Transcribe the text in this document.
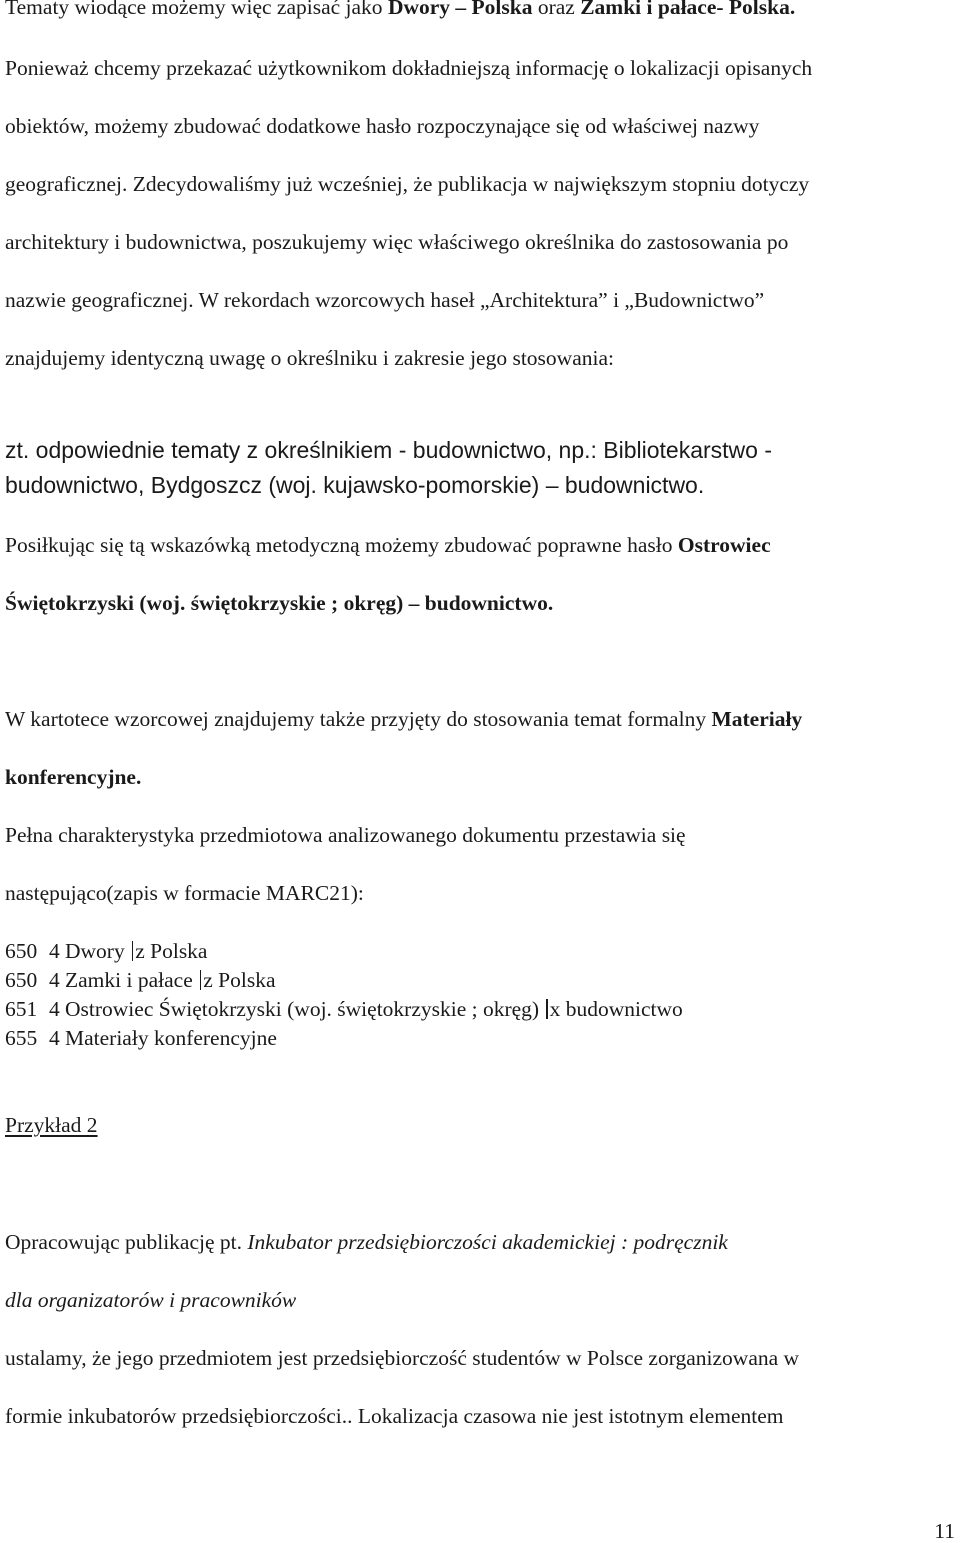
Tematy wiodące możemy więc zapisać jako Dwory – Polska oraz Zamki i pałace- Polska.
Ponieważ chcemy przekazać użytkownikom dokładniejszą informację o lokalizacji opisanych
obiektów, możemy zbudować dodatkowe hasło rozpoczynające się od właściwej nazwy
geograficznej. Zdecydowaliśmy już wcześniej, że publikacja w największym stopniu dotyczy
architektury i budownictwa, poszukujemy więc właściwego określnika do zastosowania po
nazwie geograficznej. W rekordach wzorcowych haseł „Architektura” i „Budownictwo”
znajdujemy identyczną uwagę o określniku i zakresie jego stosowania:
zt. odpowiednie tematy z określnikiem - budownictwo, np.: Bibliotekarstwo -
budownictwo, Bydgoszcz (woj. kujawsko-pomorskie) – budownictwo.
Posiłkując się tą wskazówką metodyczną możemy zbudować poprawne hasło Ostrowiec
Świętokrzyski (woj. świętokrzyskie ; okręg) – budownictwo.
W kartotece wzorcowej znajdujemy także przyjęty do stosowania temat formalny Materiały
konferencyjne.
Pełna charakterystyka przedmiotowa analizowanego dokumentu przestawia się
następująco(zapis w formacie MARC21):
650 4 Dwory z Polska
650 4 Zamki i pałace z Polska
651 4 Ostrowiec Świętokrzyski (woj. świętokrzyskie ; okręg) x budownictwo
655 4 Materiały konferencyjne
Przykład 2
Opracowując publikację pt. Inkubator przedsiębiorczości akademickiej : podręcznik
dla organizatorów i pracowników
ustalamy, że jego przedmiotem jest przedsiębiorczość studentów w Polsce zorganizowana w
formie inkubatorów przedsiębiorczości.. Lokalizacja czasowa nie jest istotnym elementem
11
